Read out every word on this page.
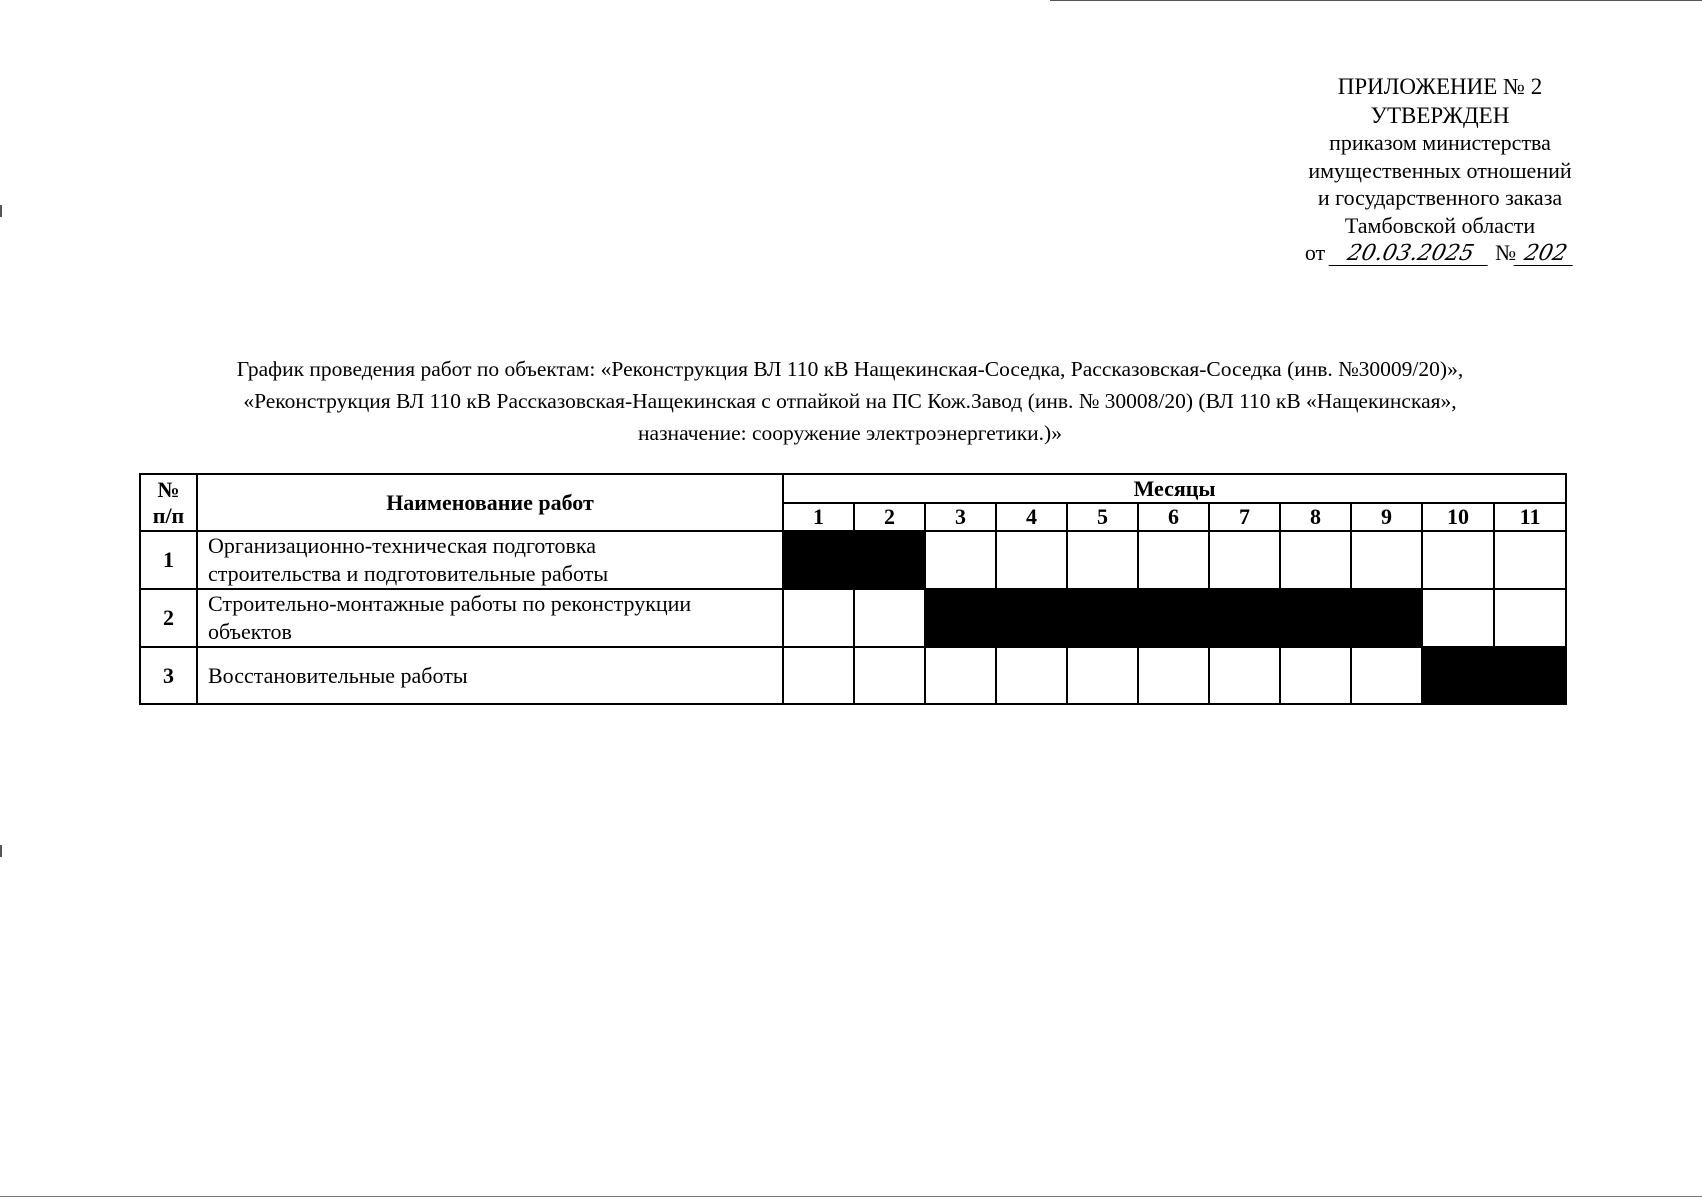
ПРИЛОЖЕНИЕ № 2
УТВЕРЖДЕН
приказом министерства
имущественных отношений
и государственного заказа
Тамбовской области
от 20.03.2025 № 202
График проведения работ по объектам: «Реконструкция ВЛ 110 кВ Нащекинская-Соседка, Рассказовская-Соседка (инв. №30009/20)»,
«Реконструкция ВЛ 110 кВ Рассказовская-Нащекинская с отпайкой на ПС Кож.Завод (инв. № 30008/20) (ВЛ 110 кВ «Нащекинская»,
назначение: сооружение электроэнергетики.)»
№
п/п	Наименование работ	Месяцы										
		1	2	3	4	5	6	7	8	9	10	11
1	Организационно-техническая подготовка
строительства и подготовительные работы											

2	Строительно-монтажные работы по реконструкции
объектов											

3	Восстановительные работы											
